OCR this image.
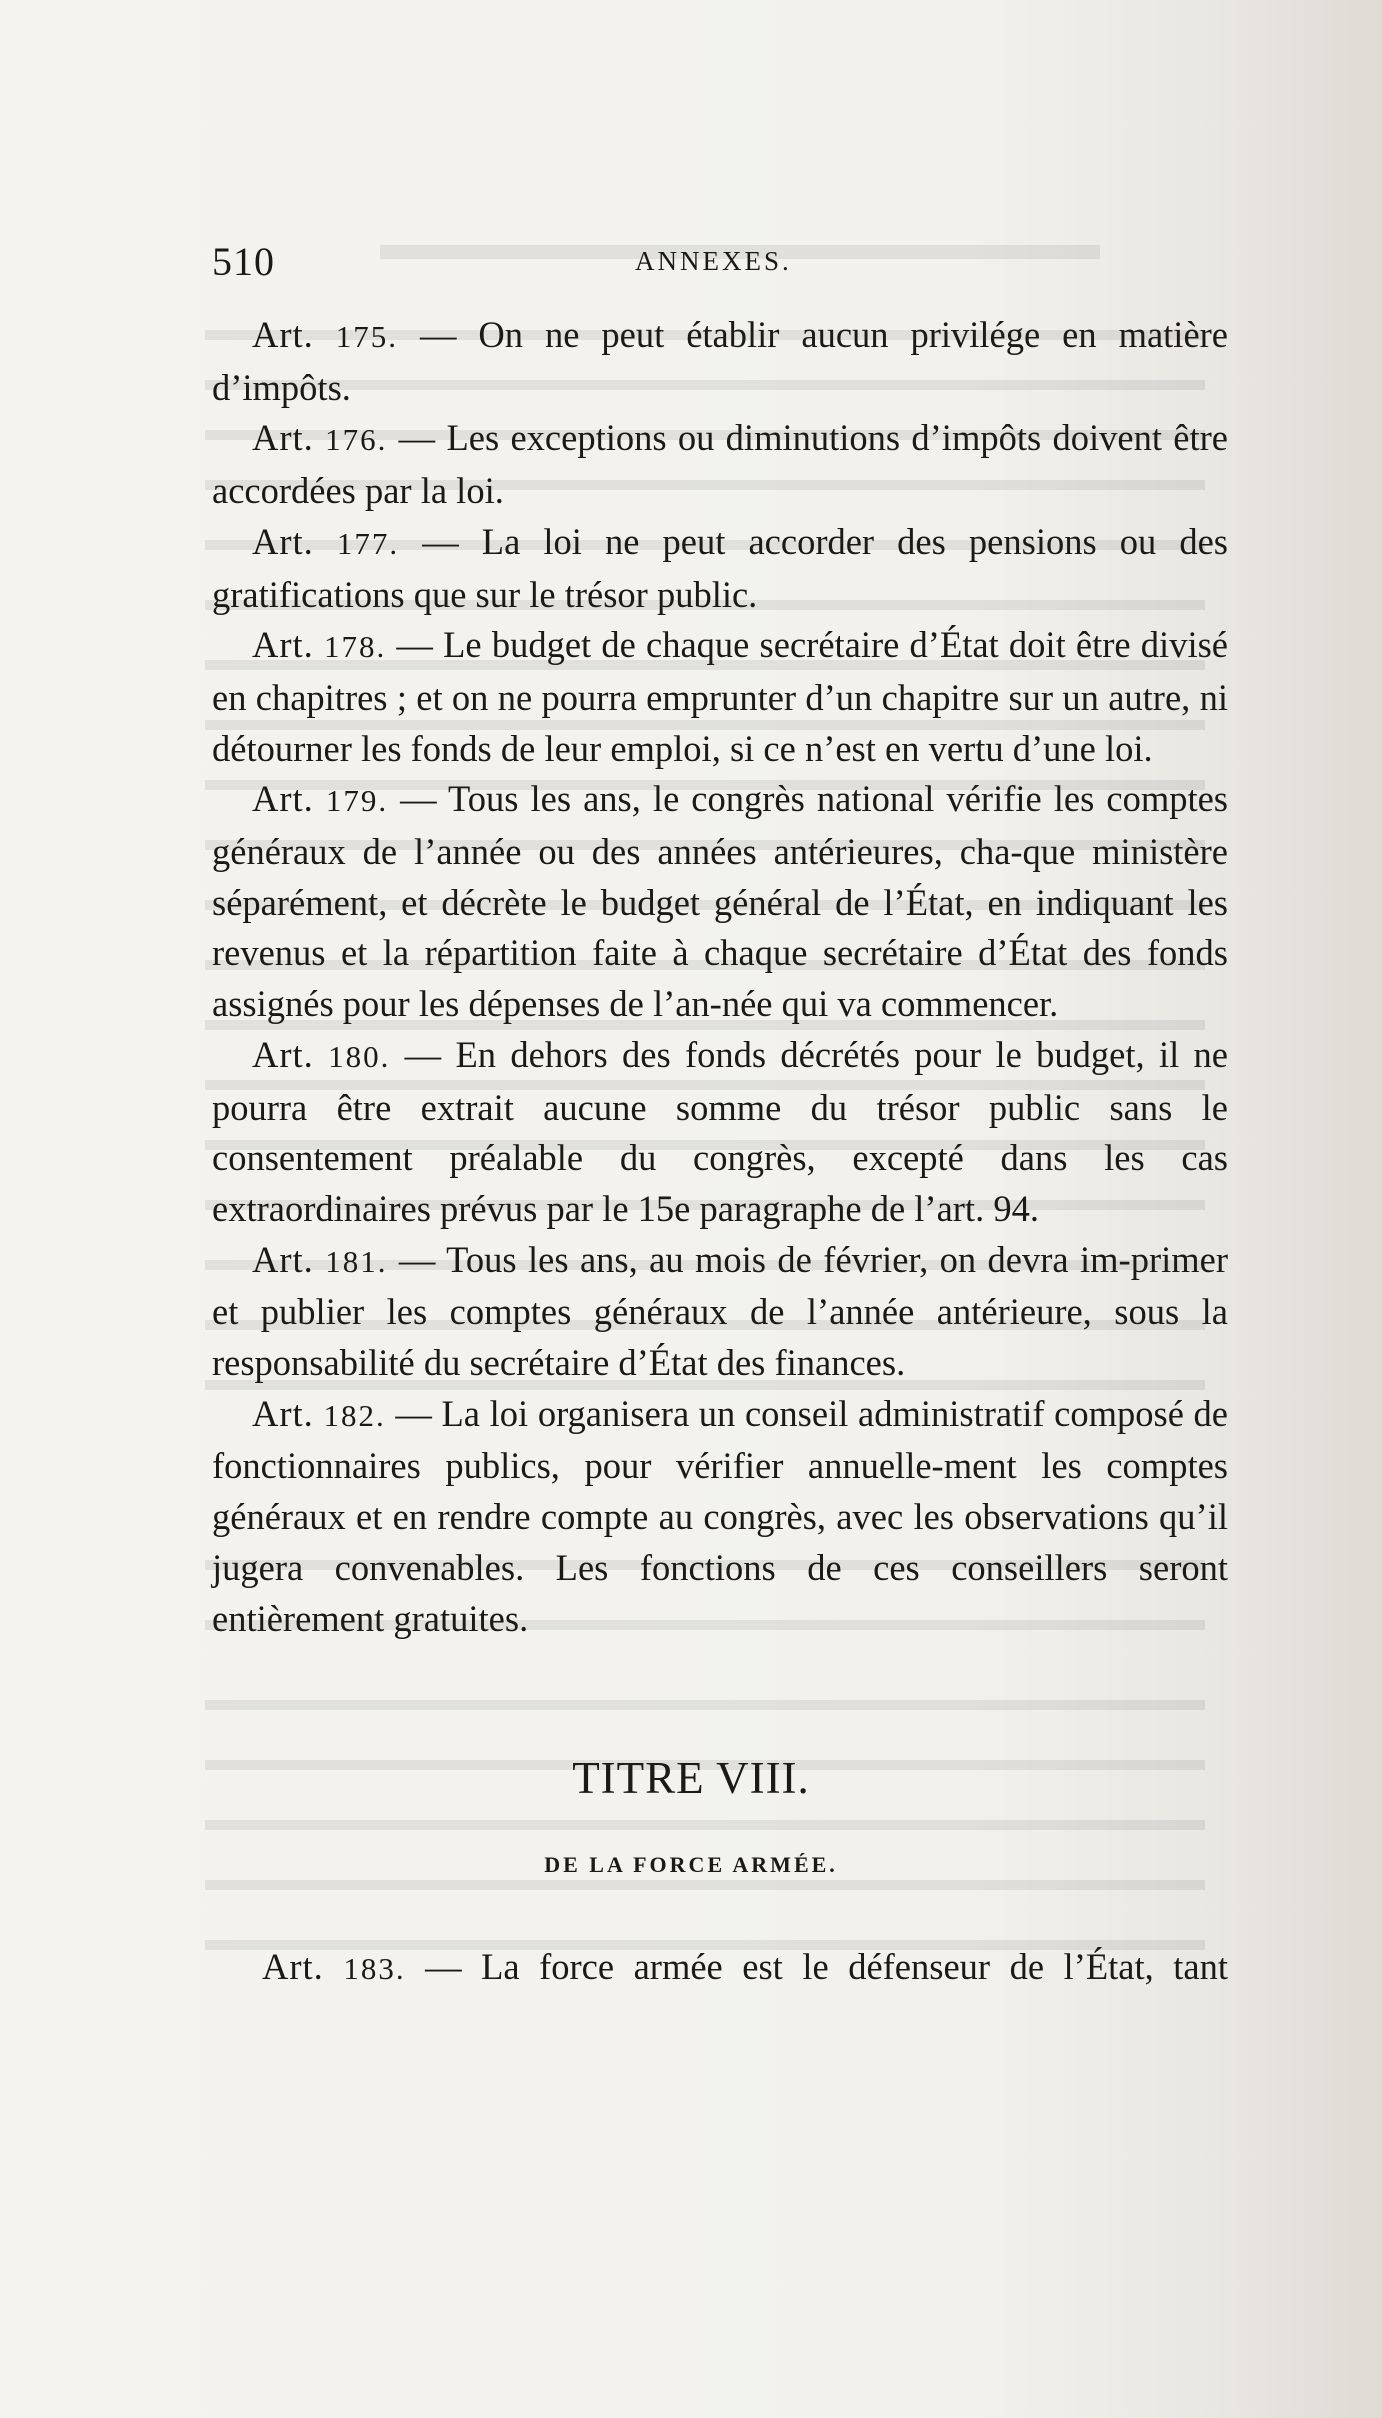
510	ANNEXES.

Art. 175. — On ne peut établir aucun privilége en matière d’impôts.

Art. 176. — Les exceptions ou diminutions d’impôts doivent être accordées par la loi.

Art. 177. — La loi ne peut accorder des pensions ou des gratifications que sur le trésor public.

Art. 178. — Le budget de chaque secrétaire d’État doit être divisé en chapitres ; et on ne pourra emprunter d’un chapitre sur un autre, ni détourner les fonds de leur emploi, si ce n’est en vertu d’une loi.

Art. 179. — Tous les ans, le congrès national vérifie les comptes généraux de l’année ou des années antérieures, cha-que ministère séparément, et décrète le budget général de l’État, en indiquant les revenus et la répartition faite à chaque secrétaire d’État des fonds assignés pour les dépenses de l’an-née qui va commencer.

Art. 180. — En dehors des fonds décrétés pour le budget, il ne pourra être extrait aucune somme du trésor public sans le consentement préalable du congrès, excepté dans les cas extraordinaires prévus par le 15e paragraphe de l’art. 94.

Art. 181. — Tous les ans, au mois de février, on devra im-primer et publier les comptes généraux de l’année antérieure, sous la responsabilité du secrétaire d’État des finances.

Art. 182. — La loi organisera un conseil administratif composé de fonctionnaires publics, pour vérifier annuelle-ment les comptes généraux et en rendre compte au congrès, avec les observations qu’il jugera convenables. Les fonctions de ces conseillers seront entièrement gratuites.

TITRE VIII.
DE LA FORCE ARMÉE.

Art. 183. — La force armée est le défenseur de l’État, tant
